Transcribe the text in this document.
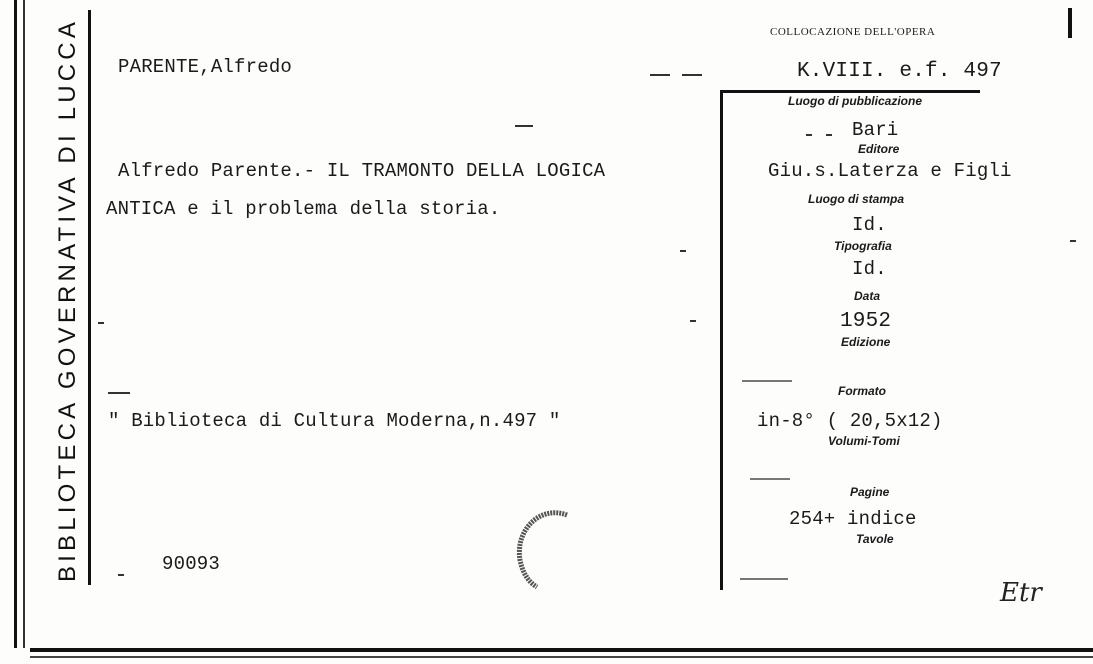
BIBLIOTECA GOVERNATIVA DI LUCCA	COLLOCAZIONE DELL'OPERA
K.VIII. e.f. 497
PARENTE,Alfredo
Alfredo Parente.- IL TRAMONTO DELLA LOGICA
ANTICA e il problema della storia.
" Biblioteca di Cultura Moderna,n.497 "
90093
Luogo di pubblicazione
Bari
Editore
Giu.s.Laterza e Figli
Luogo di stampa
Id.
Tipografia
Id.
Data
1952
Edizione
Formato
in-8° ( 20,5x12)
Volumi-Tomi
Pagine
254+ indice
Tavole
Etr
